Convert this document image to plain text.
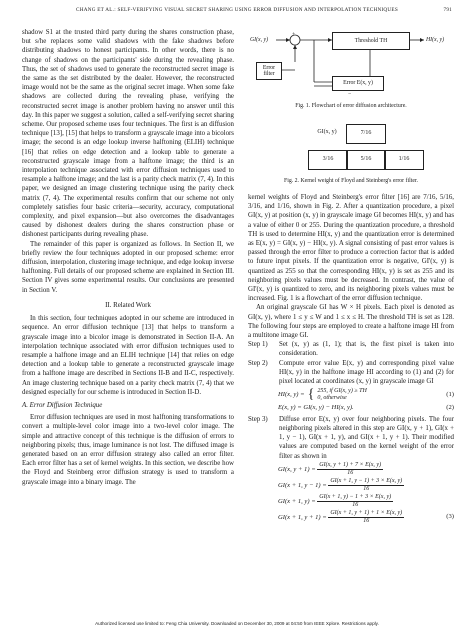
CHANG ET AL.: SELF-VERIFYING VISUAL SECRET SHARING USING ERROR DIFFUSION AND INTERPOLATION TECHNIQUES	791

shadow S1 at the trusted third party during the shares construction phase, but s/he replaces some valid shadows with the fake shadows before distributing shadows to honest participants. In other words, there is no change of shadows on the participants' side during the revealing phase. Thus, the set of shadows used to generate the reconstructed secret image is the same as the set distributed by the dealer. However, the reconstructed image would not be the same as the original secret image. When some fake shadows are collected during the revealing phase, verifying the reconstructed secret image is another problem having no answer until this day. In this paper we suggest a solution, called a self-verifying secret sharing scheme. Our proposed scheme uses four techniques. The first is an diffusion technique [13], [15] that helps to transform a grayscale image into a bicolors image; the second is an edge lookup inverse halftoning (ELIH) technique [16] that relies on edge detection and a lookup table to generate a reconstructed grayscale image from a halftone image; the third is an interpolation technique associated with error diffusion techniques used to resample a halftone image; and the last is a parity check matrix (7, 4). In this paper, we designed an image clustering technique using the parity check matrix (7, 4). The experimental results confirm that our scheme not only completely satisfies four basic criteria—security, accuracy, computational complexity, and pixel expansion—but also overcomes the disadvantages caused by dishonest dealers during the shares construction phase or dishonest participants during revealing phase.

The remainder of this paper is organized as follows. In Section II, we briefly review the four techniques adopted in our proposed scheme: error diffusion, interpolation, clustering image technique, and edge lookup inverse halftoning. Full details of our proposed scheme are explained in Section III. Section IV gives some experimental results. Our conclusions are presented in Section V.

II. Related Work

In this section, four techniques adopted in our scheme are introduced in sequence. An error diffusion technique [13] that helps to transform a grayscale image into a bicolor image is demonstrated in Section II-A. An interpolation technique associated with error diffusion techniques used to resample a halftone image and an ELIH technique [14] that relies on edge detection and a lookup table to generate a reconstructed grayscale image from a halftone image are described in Sections II-B and II-C, respectively. An image clustering technique based on a parity check matrix (7, 4) that we designed especially for our scheme is introduced in Section II-D.

A. Error Diffusion Technique

Error diffusion techniques are used in most halftoning transformations to convert a multiple-level color image into a two-level color image. The simple and attractive concept of this technique is the diffusion of errors to neighboring pixels; thus, image luminance is not lost. The diffused image is generated based on an error diffusion strategy also called an error filter. Each error filter has a set of kernel weights. In this section, we describe how the Floyd and Steinberg error diffusion strategy is used to transform a grayscale image into a binary image. The

GI(x, y)
+
Threshold TH	HI(x, y)
Error filter
Error E(x, y)
−
Fig. 1. Flowchart of error diffusion architecture.
GI(x, y)	7/16
3/16	5/16	1/16
Fig. 2. Kernel weight of Floyd and Steinberg's error filter.

kernel weights of Floyd and Steinberg's error filter [16] are 7/16, 5/16, 3/16, and 1/16, shown in Fig. 2. After a quantization procedure, a pixel GI(x, y) at position (x, y) in grayscale image GI becomes HI(x, y) and has a value of either 0 or 255. During the quantization procedure, a threshold TH is used to determine HI(x, y) and the quantization error is determined as E(x, y) = GI(x, y) − HI(x, y). A signal consisting of past error values is passed through the error filter to produce a correction factor that is added to future input pixels. If the quantization error is negative, GI'(x, y) is quantized as 255 so that the corresponding HI(x, y) is set as 255 and its neighboring pixels values must be decreased. In contrast, the value of GI'(x, y) is quantized to zero, and its neighboring pixels values must be increased. Fig. 1 is a flowchart of the error diffusion technique.

An original grayscale GI has W × H pixels. Each pixel is denoted as GI(x, y), where 1 ≤ y ≤ W and 1 ≤ x ≤ H. The threshold TH is set as 128. The following four steps are employed to create a halftone image HI from a multitone image GI.

Step 1)	Set (x, y) as (1, 1); that is, the first pixel is taken into consideration.
Step 2)	Compute error value E(x, y) and corresponding pixel value HI(x, y) in the halftone image HI according to (1) and (2) for pixel located at coordinates (x, y) in grayscale image GI
HI(x, y) = { 255, if GI(x, y) ≥ TH
0, otherwise
(1)
E(x, y) = GI(x, y) − HI(x, y).	(2)
Step 3)	Diffuse error E(x, y) over four neighboring pixels. The four neighboring pixels altered in this step are GI(x, y + 1), GI(x + 1, y − 1), GI(x + 1, y), and GI(x + 1, y + 1). Their modified values are computed based on the kernel weight of the error filter as shown in
GI(x, $y + 1) = \frac{GI(x, y + 1) + 7 \times E(x, y)}{16}$
GI(x + 1, $y - 1) = \frac{GI(x + 1, y - 1) + 3 \times E(x, y)}{16}$
GI(x + 1, $y) = \frac{GI(x + 1, y) - 1 + 3 \times E(x, y)}{16}$
GI(x + 1, $y + 1) = \frac{GI(x + 1, y + 1) + 1 \times E(x, y)}{16}$	(3)
Authorized licensed use limited to: Feng Chia University. Downloaded on December 30, 2009 at 04:50 from IEEE Xplore. Restrictions apply.
